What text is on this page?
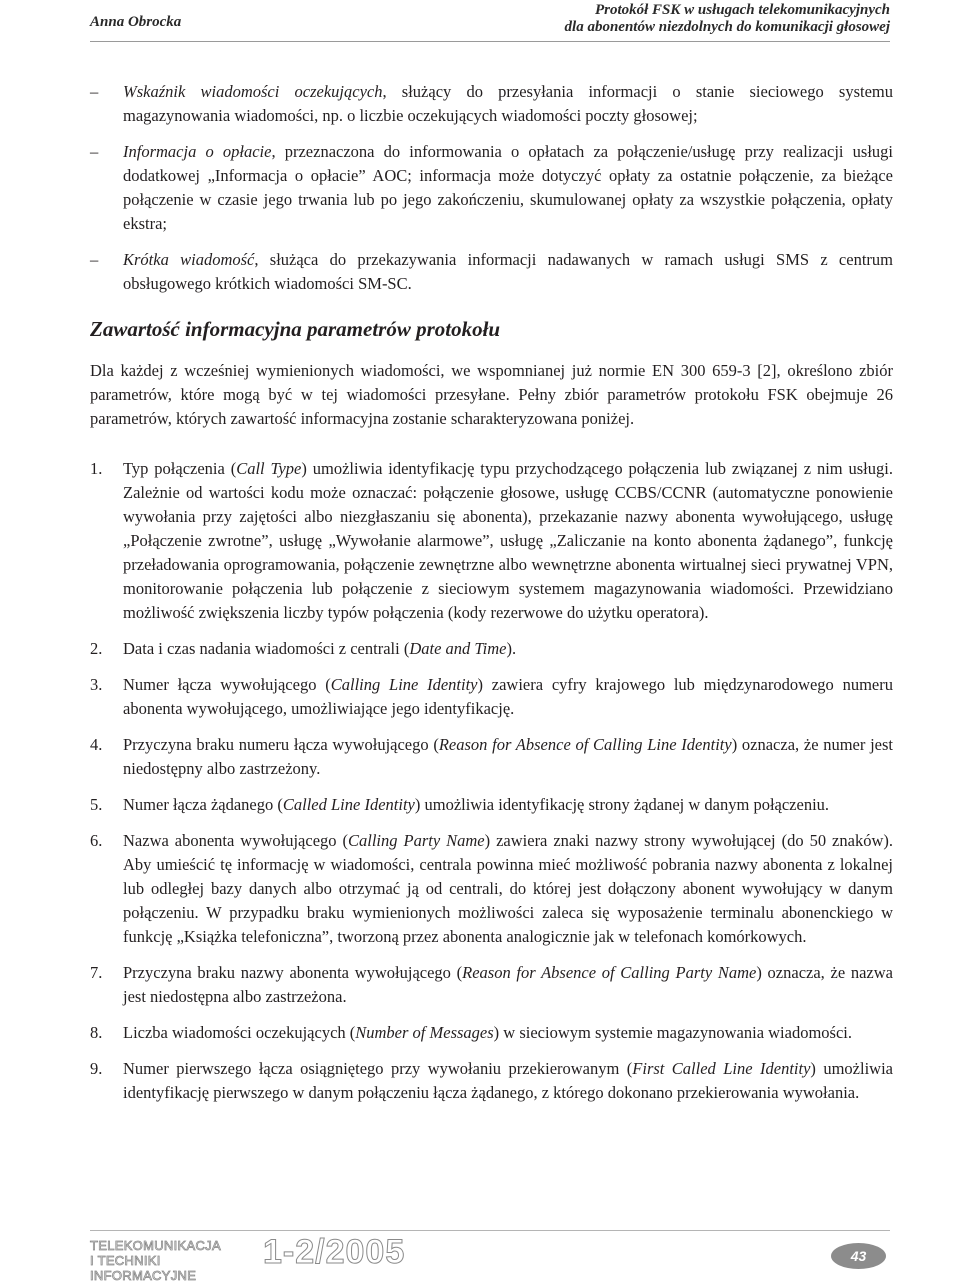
Anna Obrocka
Protokół FSK w usługach telekomunikacyjnych
dla abonentów niezdolnych do komunikacji głosowej
– Wskaźnik wiadomości oczekujących, służący do przesyłania informacji o stanie sieciowego systemu magazynowania wiadomości, np. o liczbie oczekujących wiadomości poczty głosowej;
– Informacja o opłacie, przeznaczona do informowania o opłatach za połączenie/usługę przy realizacji usługi dodatkowej „Informacja o opłacie” AOC; informacja może dotyczyć opłaty za ostatnie połączenie, za bieżące połączenie w czasie jego trwania lub po jego zakończeniu, skumulowanej opłaty za wszystkie połączenia, opłaty ekstra;
– Krótka wiadomość, służąca do przekazywania informacji nadawanych w ramach usługi SMS z centrum obsługowego krótkich wiadomości SM-SC.
Zawartość informacyjna parametrów protokołu

Dla każdej z wcześniej wymienionych wiadomości, we wspomnianej już normie EN 300 659-3 [2], określono zbiór parametrów, które mogą być w tej wiadomości przesyłane. Pełny zbiór parametrów protokołu FSK obejmuje 26 parametrów, których zawartość informacyjna zostanie scharakteryzowana poniżej.

1. Typ połączenia (Call Type) umożliwia identyfikację typu przychodzącego połączenia lub związanej z nim usługi. Zależnie od wartości kodu może oznaczać: połączenie głosowe, usługę CCBS/CCNR (automatyczne ponowienie wywołania przy zajętości albo niezgłaszaniu się abonenta), przekazanie nazwy abonenta wywołującego, usługę „Połączenie zwrotne”, usługę „Wywołanie alarmowe”, usługę „Zaliczanie na konto abonenta żądanego”, funkcję przeładowania oprogramowania, połączenie zewnętrzne albo wewnętrzne abonenta wirtualnej sieci prywatnej VPN, monitorowanie połączenia lub połączenie z sieciowym systemem magazynowania wiadomości. Przewidziano możliwość zwiększenia liczby typów połączenia (kody rezerwowe do użytku operatora).
2. Data i czas nadania wiadomości z centrali (Date and Time).
3. Numer łącza wywołującego (Calling Line Identity) zawiera cyfry krajowego lub międzynarodowego numeru abonenta wywołującego, umożliwiające jego identyfikację.
4. Przyczyna braku numeru łącza wywołującego (Reason for Absence of Calling Line Identity) oznacza, że numer jest niedostępny albo zastrzeżony.
5. Numer łącza żądanego (Called Line Identity) umożliwia identyfikację strony żądanej w danym połączeniu.
6. Nazwa abonenta wywołującego (Calling Party Name) zawiera znaki nazwy strony wywołującej (do 50 znaków). Aby umieścić tę informację w wiadomości, centrala powinna mieć możliwość pobrania nazwy abonenta z lokalnej lub odległej bazy danych albo otrzymać ją od centrali, do której jest dołączony abonent wywołujący w danym połączeniu. W przypadku braku wymienionych możliwości zaleca się wyposażenie terminalu abonenckiego w funkcję „Książka telefoniczna”, tworzoną przez abonenta analogicznie jak w telefonach komórkowych.
7. Przyczyna braku nazwy abonenta wywołującego (Reason for Absence of Calling Party Name) oznacza, że nazwa jest niedostępna albo zastrzeżona.
8. Liczba wiadomości oczekujących (Number of Messages) w sieciowym systemie magazynowania wiadomości.
9. Numer pierwszego łącza osiągniętego przy wywołaniu przekierowanym (First Called Line Identity) umożliwia identyfikację pierwszego w danym połączeniu łącza żądanego, z którego dokonano przekierowania wywołania.
TELEKOMUNIKACJA
I TECHNIKI INFORMACYJNE
1-2/2005	43
